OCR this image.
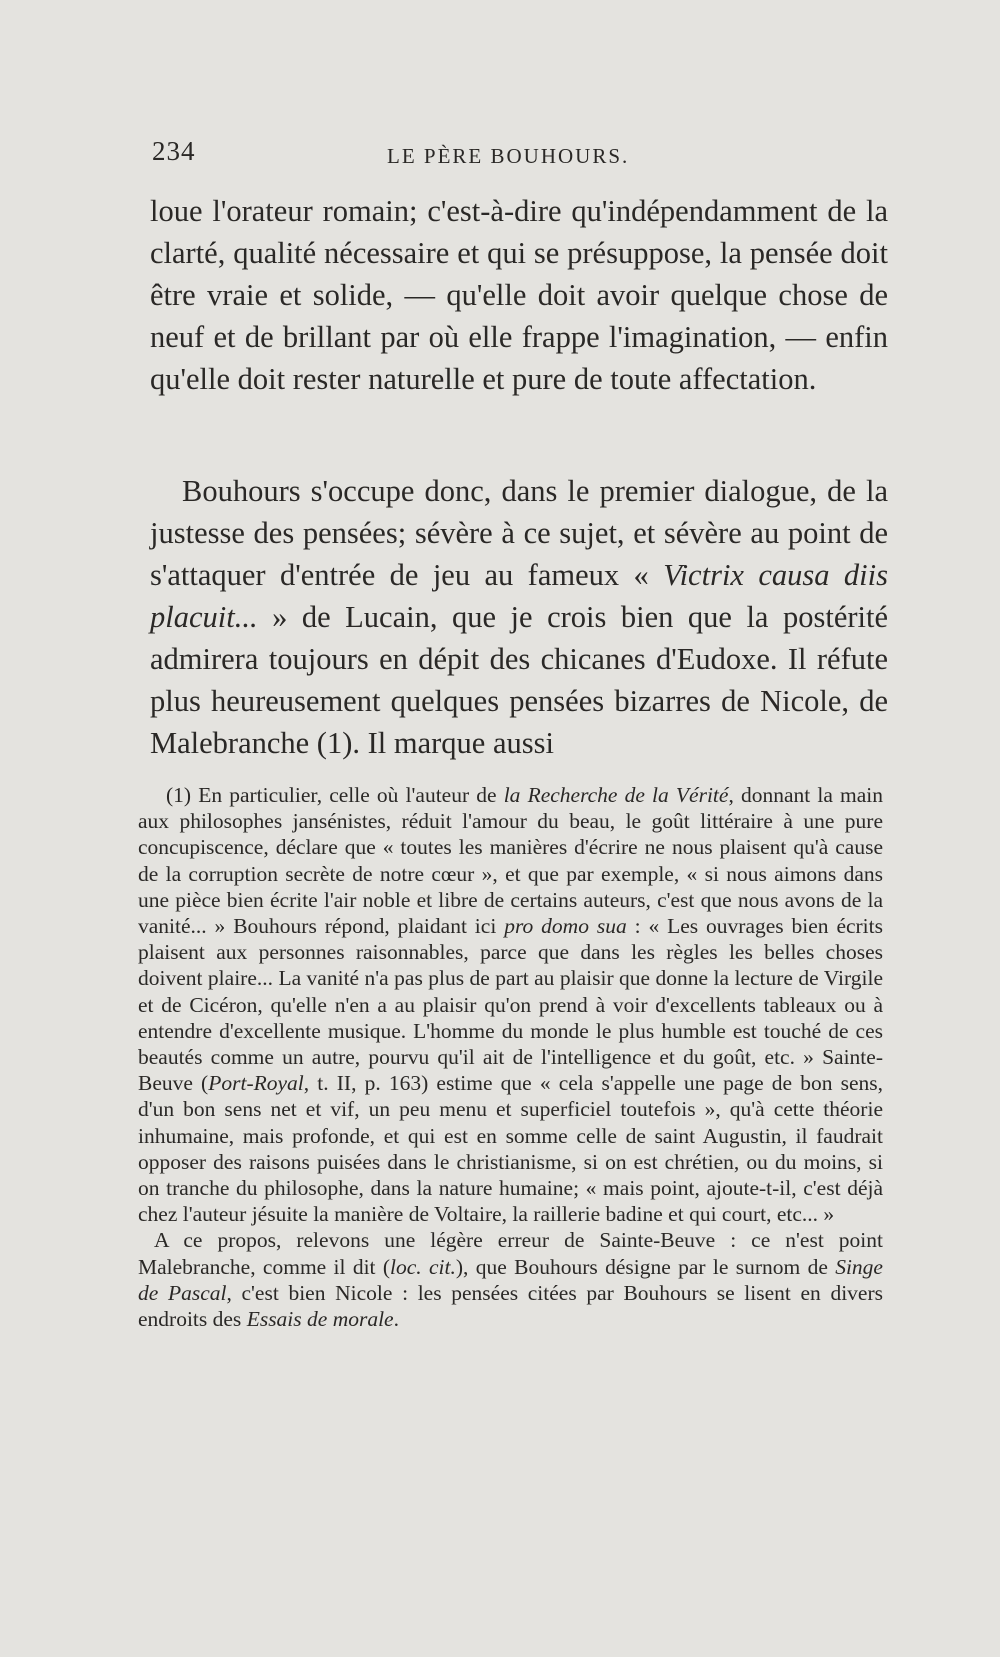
234	LE PÈRE BOUHOURS.
loue l'orateur romain; c'est-à-dire qu'indépendamment de la clarté, qualité nécessaire et qui se présuppose, la pensée doit être vraie et solide, — qu'elle doit avoir quelque chose de neuf et de brillant par où elle frappe l'imagination, — enfin qu'elle doit rester naturelle et pure de toute affectation.
Bouhours s'occupe donc, dans le premier dialogue, de la justesse des pensées; sévère à ce sujet, et sévère au point de s'attaquer d'entrée de jeu au fameux « Victrix causa diis placuit... » de Lucain, que je crois bien que la postérité admirera toujours en dépit des chicanes d'Eudoxe. Il réfute plus heureusement quelques pensées bizarres de Nicole, de Malebranche (1). Il marque aussi

(1) En particulier, celle où l'auteur de la Recherche de la Vérité, donnant la main aux philosophes jansénistes, réduit l'amour du beau, le goût littéraire à une pure concupiscence, déclare que « toutes les manières d'écrire ne nous plaisent qu'à cause de la corruption secrète de notre cœur », et que par exemple, « si nous aimons dans une pièce bien écrite l'air noble et libre de certains auteurs, c'est que nous avons de la vanité... » Bouhours répond, plaidant ici pro domo sua : « Les ouvrages bien écrits plaisent aux personnes raisonnables, parce que dans les règles les belles choses doivent plaire... La vanité n'a pas plus de part au plaisir que donne la lecture de Virgile et de Cicéron, qu'elle n'en a au plaisir qu'on prend à voir d'excellents tableaux ou à entendre d'excellente musique. L'homme du monde le plus humble est touché de ces beautés comme un autre, pourvu qu'il ait de l'intelligence et du goût, etc. » Sainte-Beuve (Port-Royal, t. II, p. 163) estime que « cela s'appelle une page de bon sens, d'un bon sens net et vif, un peu menu et superficiel toutefois », qu'à cette théorie inhumaine, mais profonde, et qui est en somme celle de saint Augustin, il faudrait opposer des raisons puisées dans le christianisme, si on est chrétien, ou du moins, si on tranche du philosophe, dans la nature humaine; « mais point, ajoute-t-il, c'est déjà chez l'auteur jésuite la manière de Voltaire, la raillerie badine et qui court, etc... »

A ce propos, relevons une légère erreur de Sainte-Beuve : ce n'est point Malebranche, comme il dit (loc. cit.), que Bouhours désigne par le surnom de Singe de Pascal, c'est bien Nicole : les pensées citées par Bouhours se lisent en divers endroits des Essais de morale.
